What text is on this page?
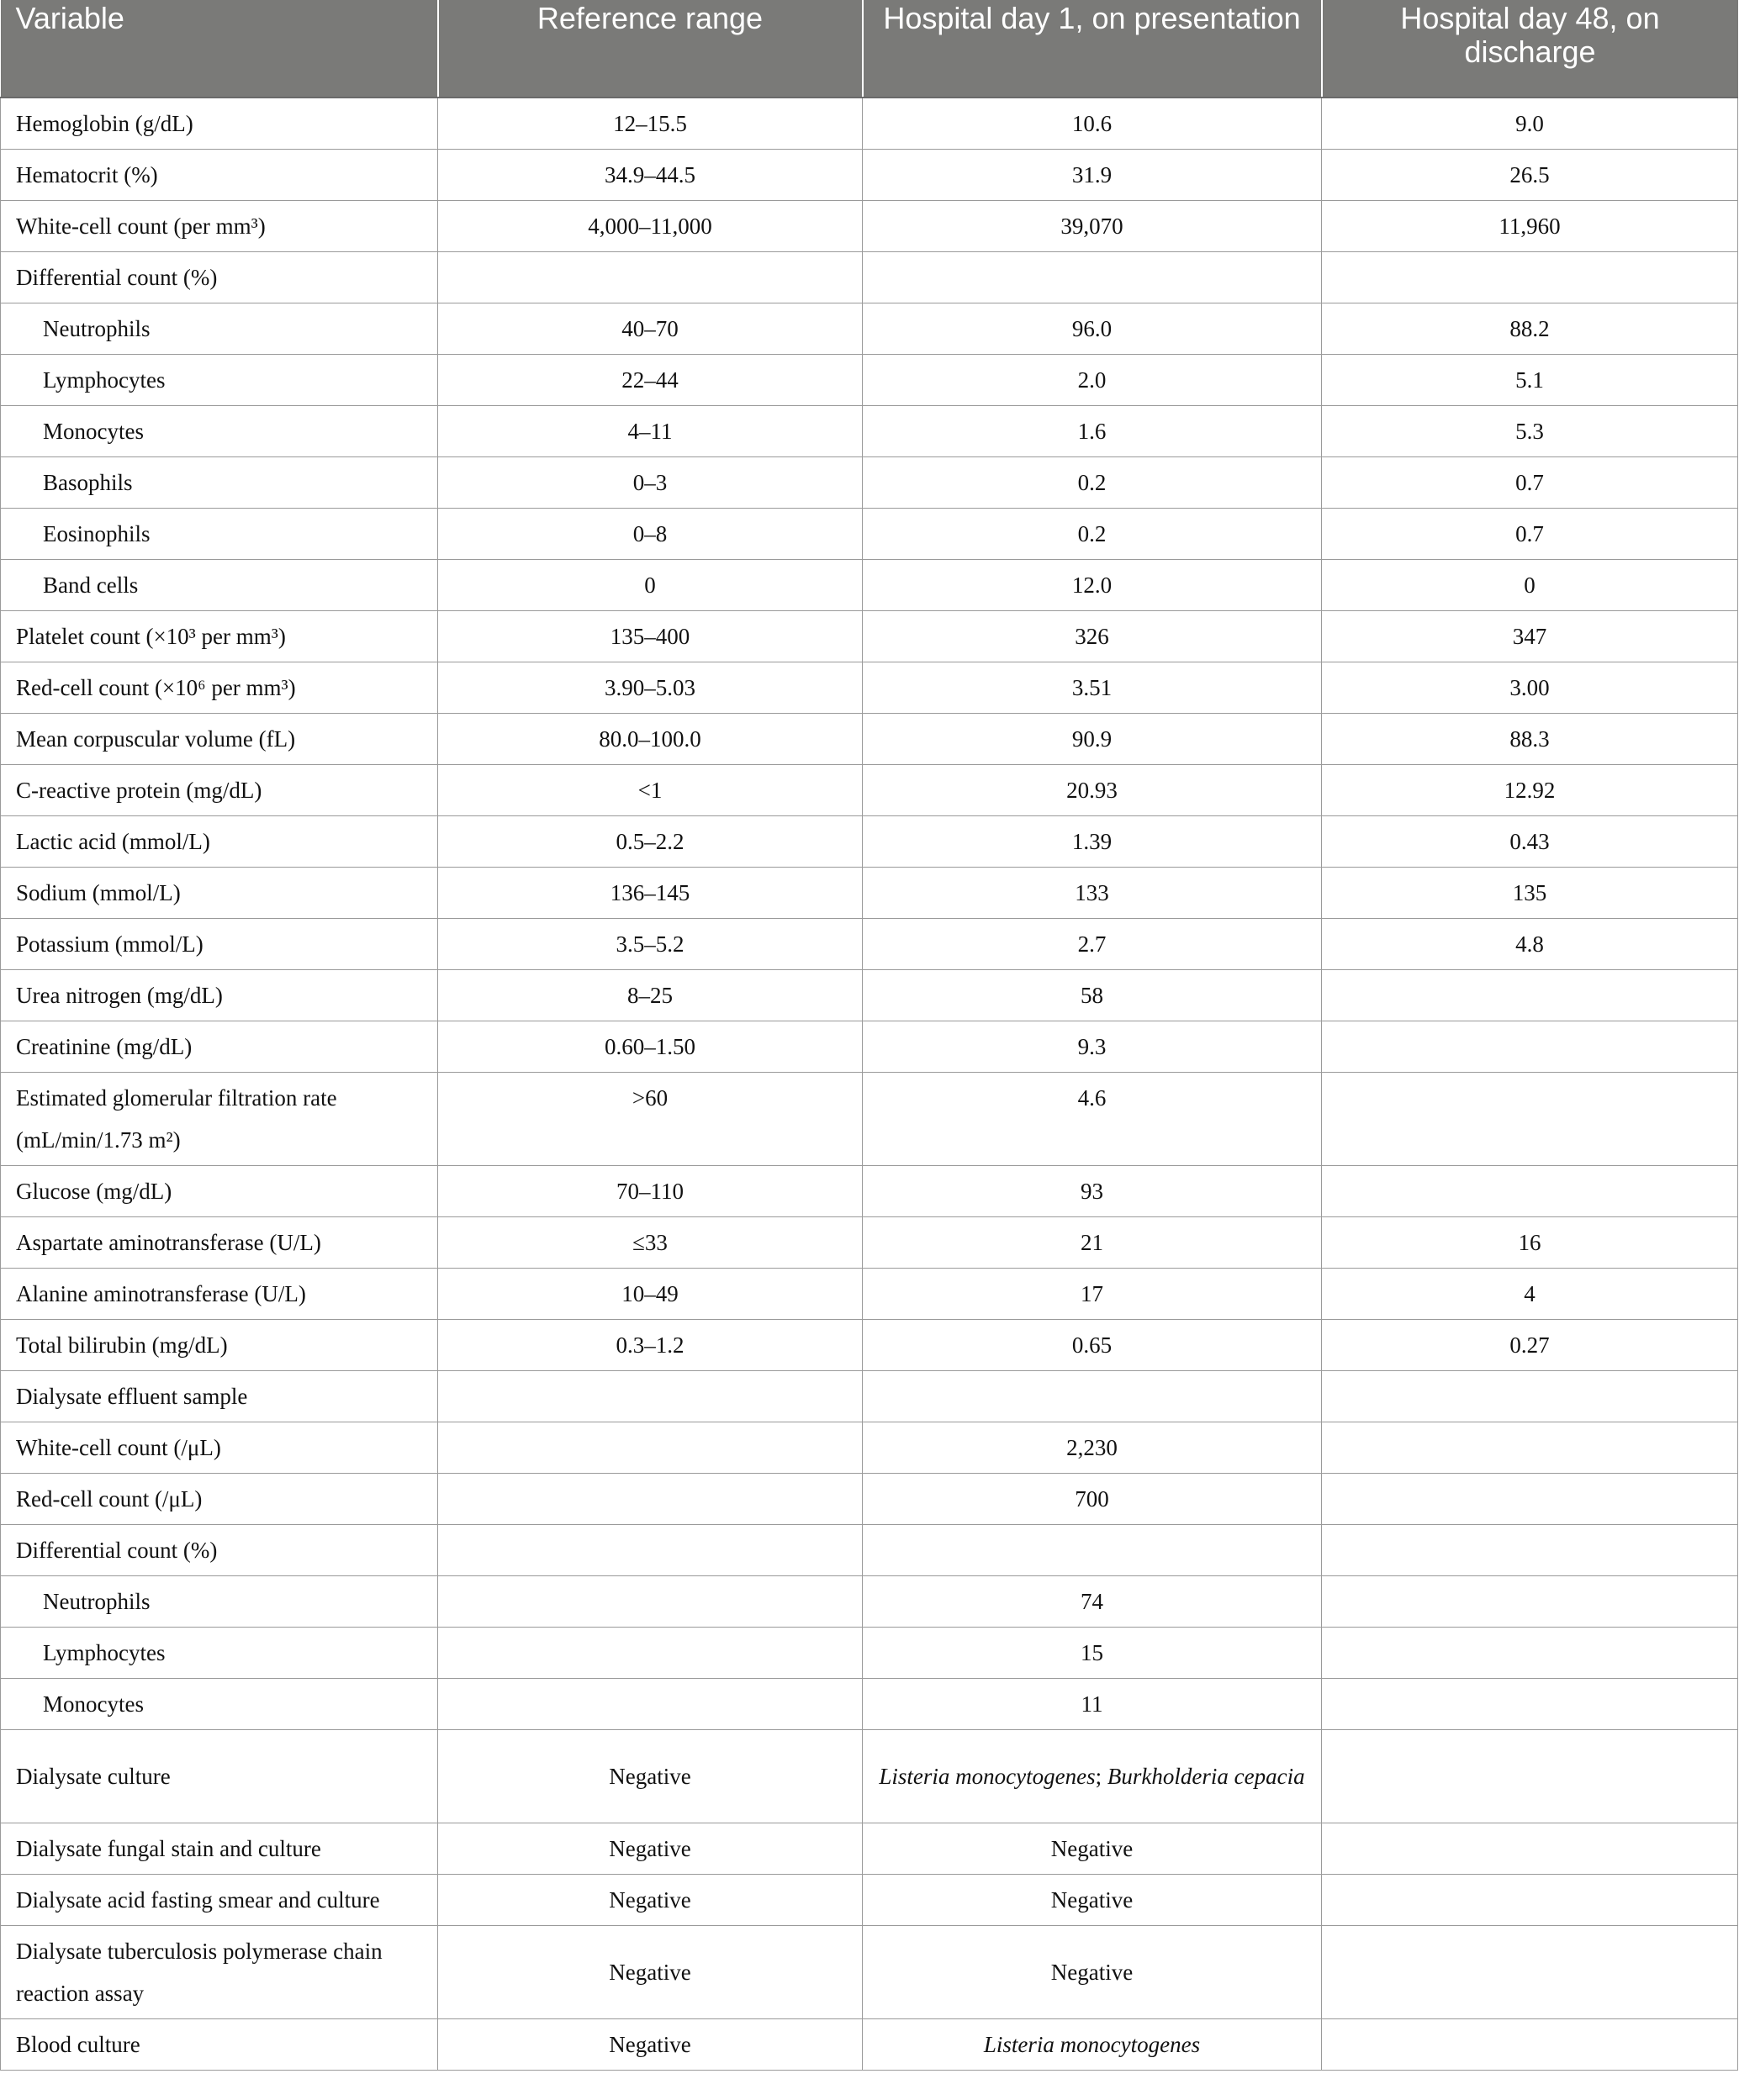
Variable	Reference range	Hospital day 1, on presentation	Hospital day 48, on discharge
Hemoglobin (g/dL)	12–15.5	10.6	9.0
Hematocrit (%)	34.9–44.5	31.9	26.5
White-cell count (per mm³)	4,000–11,000	39,070	11,960
Differential count (%)			
Neutrophils	40–70	96.0	88.2
Lymphocytes	22–44	2.0	5.1
Monocytes	4–11	1.6	5.3
Basophils	0–3	0.2	0.7
Eosinophils	0–8	0.2	0.7
Band cells	0	12.0	0
Platelet count (×10³ per mm³)	135–400	326	347
Red-cell count (×10⁶ per mm³)	3.90–5.03	3.51	3.00
Mean corpuscular volume (fL)	80.0–100.0	90.9	88.3
C-reactive protein (mg/dL)	<1	20.93	12.92
Lactic acid (mmol/L)	0.5–2.2	1.39	0.43
Sodium (mmol/L)	136–145	133	135
Potassium (mmol/L)	3.5–5.2	2.7	4.8
Urea nitrogen (mg/dL)	8–25	58	
Creatinine (mg/dL)	0.60–1.50	9.3	
Estimated glomerular filtration rate (mL/min/1.73 m²)	>60	4.6	
Glucose (mg/dL)	70–110	93	
Aspartate aminotransferase (U/L)	≤33	21	16
Alanine aminotransferase (U/L)	10–49	17	4
Total bilirubin (mg/dL)	0.3–1.2	0.65	0.27
Dialysate effluent sample			
White-cell count (/μL)		2,230	
Red-cell count (/μL)		700	
Differential count (%)			
Neutrophils		74	
Lymphocytes		15	
Monocytes		11	
Dialysate culture	Negative	Listeria monocytogenes; Burkholderia cepacia	
Dialysate fungal stain and culture	Negative	Negative	
Dialysate acid fasting smear and culture	Negative	Negative	
Dialysate tuberculosis polymerase chain reaction assay	Negative	Negative	
Blood culture	Negative	Listeria monocytogenes	
